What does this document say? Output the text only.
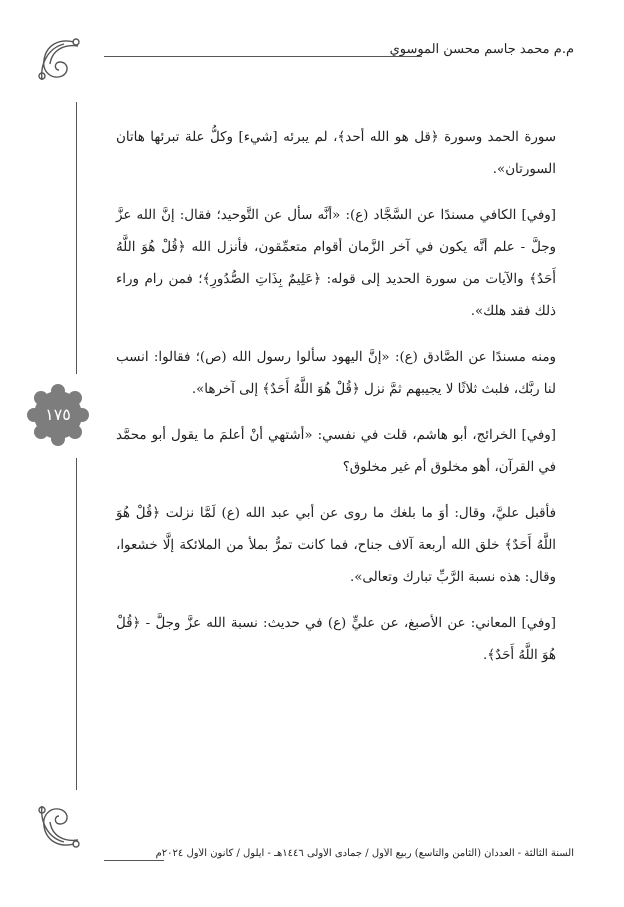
م.م محمد جاسم محسن الموسوي
١٧٥

سورة الحمد وسورة ﴿قل هو الله أحد﴾، لم يبرئه [شيء] وكلُّ علة تبرئها هاتان السورتان».

[وفي] الكافي مسندًا عن السَّجَّاد (ع): «أنَّه سأل عن التَّوحيد؛ فقال: إنَّ الله عزَّ وجلَّ - علم أنَّه يكون في آخر الزَّمان أقوام متعمِّقون، فأنزل الله ﴿قُلْ هُوَ اللَّهُ أَحَدٌ﴾ والآيات من سورة الحديد إلى قوله: ﴿عَلِيمٌ بِذَاتِ الصُّدُورِ﴾؛ فمن رام وراء ذلك فقد هلك».

ومنه مسندًا عن الصَّادق (ع): «إنَّ اليهود سألوا رسول الله (ص)؛ فقالوا: انسب لنا ربَّك، فلبث ثلاثًا لا يجيبهم ثمَّ نزل ﴿قُلْ هُوَ اللَّهُ أَحَدٌ﴾ إلى آخرها».

[وفي] الخرائج، أبو هاشم، قلت في نفسي: «أشتهي أنْ أعلمَ ما يقول أبو محمَّد في القرآن، أهو مخلوق أم غير مخلوق؟

فأقبل عليَّ، وقال: أوَ ما بلغك ما روى عن أبي عبد الله (ع) لَمَّا نزلت ﴿قُلْ هُوَ اللَّهُ أَحَدٌ﴾ خلق الله أربعة آلاف جناح، فما كانت تمرُّ بملأ من الملائكة إلَّا خشعوا، وقال: هذه نسبة الرَّبِّ تبارك وتعالى».

[وفي] المعاني: عن الأصبغ، عن عليٍّ (ع) في حديث: نسبة الله عزَّ وجلَّ - ﴿قُلْ هُوَ اللَّهُ أَحَدٌ﴾.

السنة الثالثة - العددان (الثامن والتاسع) ربيع الأول / جمادى الأولى ١٤٤٦هـ - أيلول / كانون الأول ٢٠٢٤م
